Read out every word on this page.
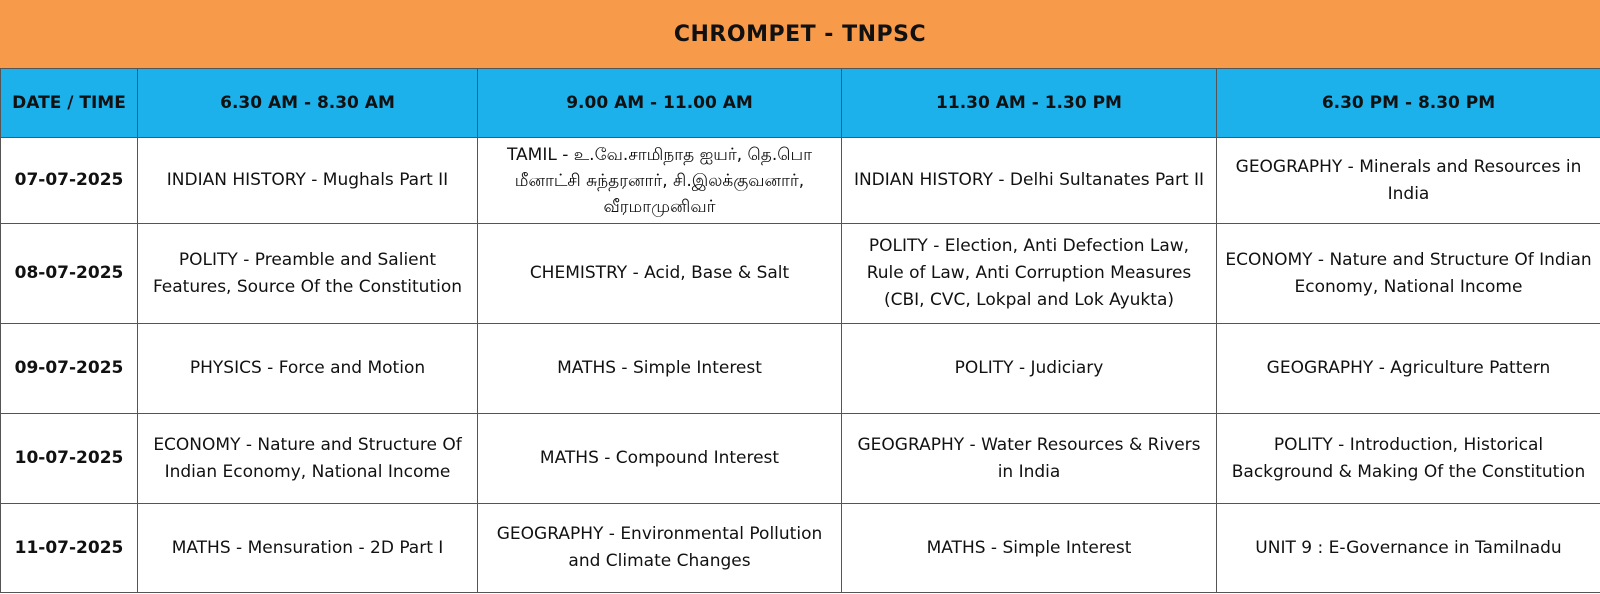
CHROMPET - TNPSC
DATE / TIME	6.30 AM - 8.30 AM	9.00 AM - 11.00 AM	11.30 AM - 1.30 PM	6.30 PM - 8.30 PM
07-07-2025	INDIAN HISTORY - Mughals Part II	TAMIL - உ.வே.சாமிநாத ஐயர், தெ.பொ மீனாட்சி சுந்தரனார், சி.இலக்குவனார், வீரமாமுனிவர்	INDIAN HISTORY - Delhi Sultanates Part II	GEOGRAPHY - Minerals and Resources in India
08-07-2025	POLITY - Preamble and Salient Features, Source Of the Constitution	CHEMISTRY - Acid, Base & Salt	POLITY - Election, Anti Defection Law, Rule of Law, Anti Corruption Measures (CBI, CVC, Lokpal and Lok Ayukta)	ECONOMY - Nature and Structure Of Indian Economy, National Income
09-07-2025	PHYSICS - Force and Motion	MATHS - Simple Interest	POLITY - Judiciary	GEOGRAPHY - Agriculture Pattern
10-07-2025	ECONOMY - Nature and Structure Of Indian Economy, National Income	MATHS - Compound Interest	GEOGRAPHY - Water Resources & Rivers in India	POLITY - Introduction, Historical Background & Making Of the Constitution
11-07-2025	MATHS - Mensuration - 2D Part I	GEOGRAPHY - Environmental Pollution and Climate Changes	MATHS - Simple Interest	UNIT 9 : E-Governance in Tamilnadu
